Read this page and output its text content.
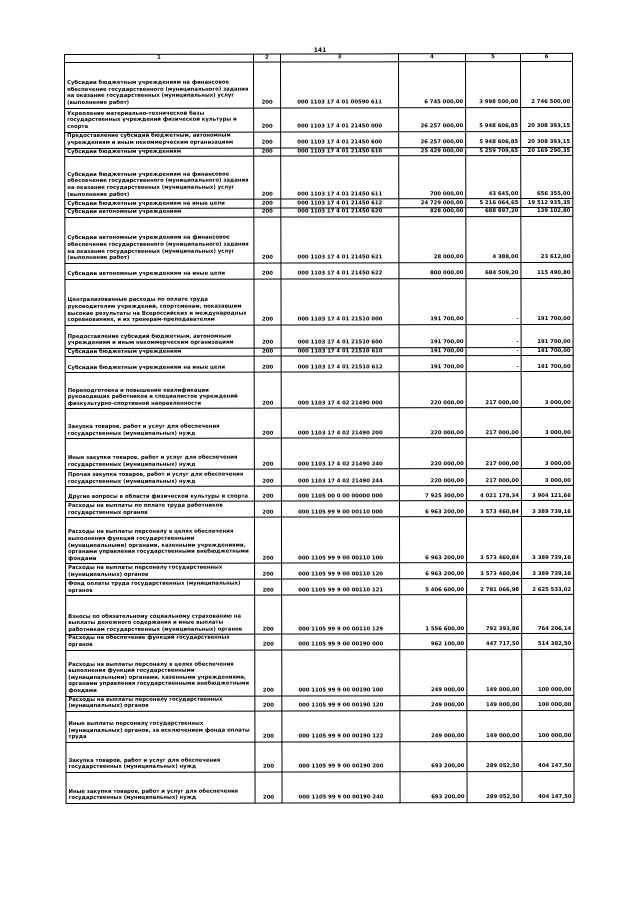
141
1	2	3	4	5	6
Субсидии бюджетным учреждениям на финансовое обеспечение государственного (муниципального) задания на оказание государственных (муниципальных) услуг (выполнение работ)	200	000 1103 17 4 01 00590 611	6 745 000,00	3 998 500,00	2 746 500,00
Укрепление материально-технической базы государственных учреждений физической культуры и спорта	200	000 1103 17 4 01 21450 000	26 257 000,00	5 948 606,85	20 308 393,15
Предоставление субсидий бюджетным, автономным учреждениям и иным некоммерческим организациям	200	000 1103 17 4 01 21450 600	26 257 000,00	5 948 606,85	20 308 393,15
Субсидии бюджетным учреждениям	200	000 1103 17 4 01 21450 610	25 429 000,00	5 259 709,65	20 169 290,35
Субсидии бюджетным учреждениям на финансовое обеспечение государственного (муниципального) задания на оказание государственных (муниципальных) услуг (выполнение работ)	200	000 1103 17 4 01 21450 611	700 000,00	43 645,00	656 355,00
Субсидии бюджетным учреждениям на иные цели	200	000 1103 17 4 01 21450 612	24 729 000,00	5 216 064,65	19 512 935,35
Субсидии автономным учреждениям	200	000 1103 17 4 01 21450 620	828 000,00	688 897,20	139 102,80
Субсидии автономным учреждениям на финансовое обеспечение государственного (муниципального) задания на оказание государственных (муниципальных) услуг (выполнение работ)	200	000 1103 17 4 01 21450 621	28 000,00	4 388,00	23 612,00
Субсидии автономным учреждениям на иные цели	200	000 1103 17 4 01 21450 622	800 000,00	684 509,20	115 490,80
Централизованные расходы по оплате труда руководителям учреждений, спортсменам, показавшим высокие результаты на Всероссийских и международных соревнованиях, и их тренерам-преподавателям	200	000 1103 17 4 01 21510 000	191 700,00	-	191 700,00
Предоставление субсидий бюджетным, автономным учреждениям и иным некоммерческим организациям	200	000 1103 17 4 01 21510 600	191 700,00	-	191 700,00
Субсидии бюджетным учреждениям	200	000 1103 17 4 01 21510 610	191 700,00	-	191 700,00
Субсидии бюджетным учреждениям на иные цели	200	000 1103 17 4 01 21510 612	191 700,00	-	191 700,00
Переподготовка и повышение квалификации руководящих работников и специалистов учреждений физкультурно-спортивной направленности	200	000 1103 17 4 02 21490 000	220 000,00	217 000,00	3 000,00
Закупка товаров, работ и услуг для обеспечения государственных (муниципальных) нужд	200	000 1103 17 4 02 21490 200	220 000,00	217 000,00	3 000,00
Иные закупки товаров, работ и услуг для обеспечения государственных (муниципальных) нужд	200	000 1103 17 4 02 21490 240	220 000,00	217 000,00	3 000,00
Прочая закупка товаров, работ и услуг для обеспечения государственных (муниципальных) нужд	200	000 1103 17 4 02 21490 244	220 000,00	217 000,00	3 000,00
Другие вопросы в области физической культуры и спорта	200	000 1105 00 0 00 00000 000	7 925 300,00	4 021 178,34	3 904 121,66
Расходы на выплаты по оплате труда работников государственных органов	200	000 1105 99 9 00 00110 000	6 963 200,00	3 573 460,84	3 389 739,16
Расходы на выплаты персоналу в целях обеспечения выполнения функций государственными (муниципальными) органами, казенными учреждениями, органами управления государственными внебюджетными фондами	200	000 1105 99 9 00 00110 100	6 963 200,00	3 573 460,84	3 389 739,16
Расходы на выплаты персоналу государственных (муниципальных) органов	200	000 1105 99 9 00 00110 120	6 963 200,00	3 573 460,84	3 389 739,16
Фонд оплаты труда государственных (муниципальных) органов	200	000 1105 99 9 00 00110 121	5 406 600,00	2 781 066,98	2 625 533,02
Взносы по обязательному социальному страхованию на выплаты денежного содержания и иные выплаты работникам государственных (муниципальных) органов	200	000 1105 99 9 00 00110 129	1 556 600,00	792 393,86	764 206,14
Расходы на обеспечение функций государственных органов	200	000 1105 99 9 00 00190 000	962 100,00	447 717,50	514 382,50
Расходы на выплаты персоналу в целях обеспечения выполнения функций государственными (муниципальными) органами, казенными учреждениями, органами управления государственными внебюджетными фондами	200	000 1105 99 9 00 00190 100	249 000,00	149 000,00	100 000,00
Расходы на выплаты персоналу государственных (муниципальных) органов	200	000 1105 99 9 00 00190 120	249 000,00	149 000,00	100 000,00
Иные выплаты персоналу государственных (муниципальных) органов, за исключением фонда оплаты труда	200	000 1105 99 9 00 00190 122	249 000,00	149 000,00	100 000,00
Закупка товаров, работ и услуг для обеспечения государственных (муниципальных) нужд	200	000 1105 99 9 00 00190 200	693 200,00	289 052,50	404 147,50
Иные закупки товаров, работ и услуг для обеспечения государственных (муниципальных) нужд	200	000 1105 99 9 00 00190 240	693 200,00	289 052,50	404 147,50
